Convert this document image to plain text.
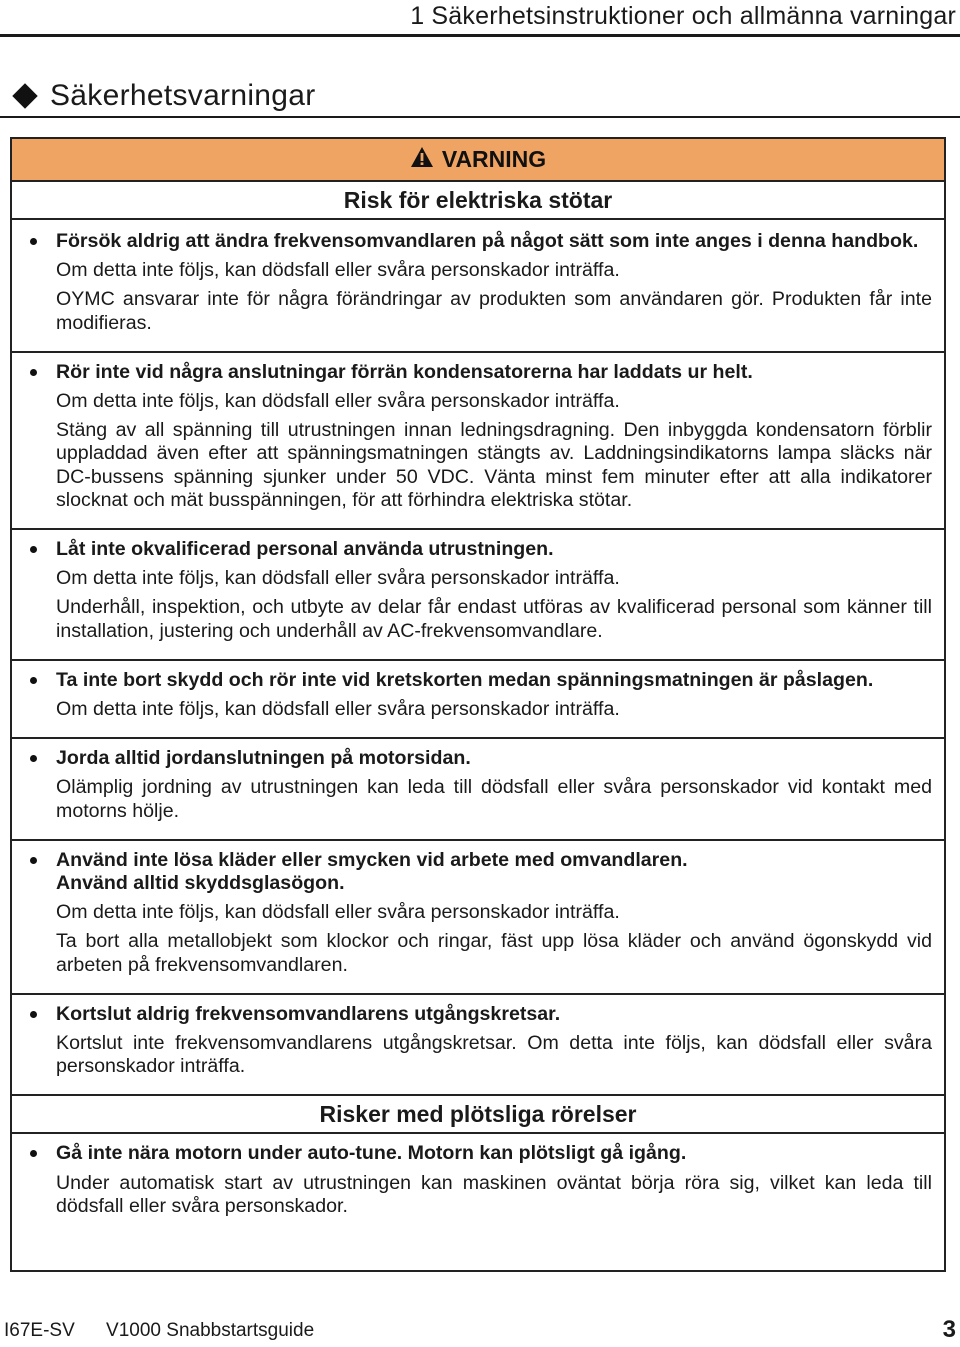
1 Säkerhetsinstruktioner och allmänna varningar
Säkerhetsvarningar
VARNING
Risk för elektriska stötar

Försök aldrig att ändra frekvensomvandlaren på något sätt som inte anges i denna handbok.

Om detta inte följs, kan dödsfall eller svåra personskador inträffa.

OYMC ansvarar inte för några förändringar av produkten som användaren gör. Produkten får inte modifieras.

Rör inte vid några anslutningar förrän kondensatorerna har laddats ur helt.

Om detta inte följs, kan dödsfall eller svåra personskador inträffa.

Stäng av all spänning till utrustningen innan ledningsdragning. Den inbyggda kondensatorn förblir uppladdad även efter att spänningsmatningen stängts av. Laddningsindikatorns lampa släcks när DC-bussens spänning sjunker under 50 VDC. Vänta minst fem minuter efter att alla indikatorer slocknat och mät busspänningen, för att förhindra elektriska stötar.

Låt inte okvalificerad personal använda utrustningen.

Om detta inte följs, kan dödsfall eller svåra personskador inträffa.

Underhåll, inspektion, och utbyte av delar får endast utföras av kvalificerad personal som känner till installation, justering och underhåll av AC-frekvensomvandlare.

Ta inte bort skydd och rör inte vid kretskorten medan spänningsmatningen är påslagen.

Om detta inte följs, kan dödsfall eller svåra personskador inträffa.

Jorda alltid jordanslutningen på motorsidan.

Olämplig jordning av utrustningen kan leda till dödsfall eller svåra personskador vid kontakt med motorns hölje.

Använd inte lösa kläder eller smycken vid arbete med omvandlaren.

Använd alltid skyddsglasögon.

Om detta inte följs, kan dödsfall eller svåra personskador inträffa.

Ta bort alla metallobjekt som klockor och ringar, fäst upp lösa kläder och använd ögonskydd vid arbeten på frekvensomvandlaren.

Kortslut aldrig frekvensomvandlarens utgångskretsar.

Kortslut inte frekvensomvandlarens utgångskretsar. Om detta inte följs, kan dödsfall eller svåra personskador inträffa.

Risker med plötsliga rörelser

Gå inte nära motorn under auto-tune. Motorn kan plötsligt gå igång.

Under automatisk start av utrustningen kan maskinen oväntat börja röra sig, vilket kan leda till dödsfall eller svåra personskador.

I67E-SV V1000 Snabbstartsguide	3
